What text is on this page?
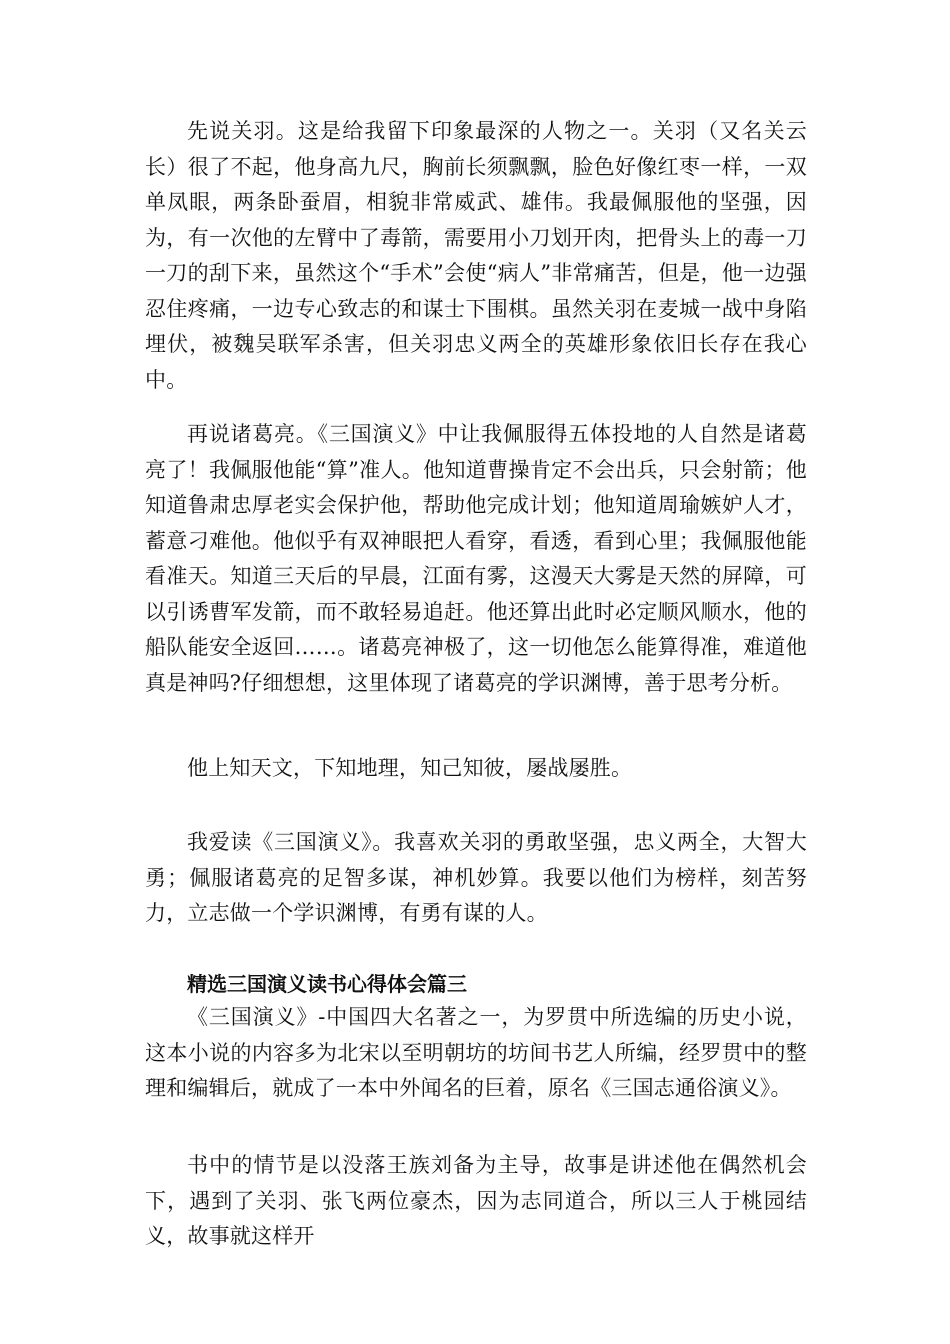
先说关羽。这是给我留下印象最深的人物之一。关羽（又名关云长）很了不起，他身高九尺，胸前长须飘飘，脸色好像红枣一样，一双单凤眼，两条卧蚕眉，相貌非常威武、雄伟。我最佩服他的坚强，因为，有一次他的左臂中了毒箭，需要用小刀划开肉，把骨头上的毒一刀一刀的刮下来，虽然这个“手术”会使“病人”非常痛苦，但是，他一边强忍住疼痛，一边专心致志的和谋士下围棋。虽然关羽在麦城一战中身陷埋伏，被魏吴联军杀害，但关羽忠义两全的英雄形象依旧长存在我心中。

再说诸葛亮。《三国演义》中让我佩服得五体投地的人自然是诸葛亮了！我佩服他能“算”准人。他知道曹操肯定不会出兵，只会射箭；他知道鲁肃忠厚老实会保护他，帮助他完成计划；他知道周瑜嫉妒人才，蓄意刁难他。他似乎有双神眼把人看穿，看透，看到心里；我佩服他能看准天。知道三天后的早晨，江面有雾，这漫天大雾是天然的屏障，可以引诱曹军发箭，而不敢轻易追赶。他还算出此时必定顺风顺水，他的船队能安全返回……。诸葛亮神极了，这一切他怎么能算得准，难道他真是神吗?仔细想想，这里体现了诸葛亮的学识渊博，善于思考分析。

他上知天文，下知地理，知己知彼，屡战屡胜。

我爱读《三国演义》。我喜欢关羽的勇敢坚强，忠义两全，大智大勇；佩服诸葛亮的足智多谋，神机妙算。我要以他们为榜样，刻苦努力，立志做一个学识渊博，有勇有谋的人。

精选三国演义读书心得体会篇三

《三国演义》-中国四大名著之一，为罗贯中所选编的历史小说，这本小说的内容多为北宋以至明朝坊的坊间书艺人所编，经罗贯中的整理和编辑后，就成了一本中外闻名的巨着，原名《三国志通俗演义》。

书中的情节是以没落王族刘备为主导，故事是讲述他在偶然机会下，遇到了关羽、张飞两位豪杰，因为志同道合，所以三人于桃园结义，故事就这样开
